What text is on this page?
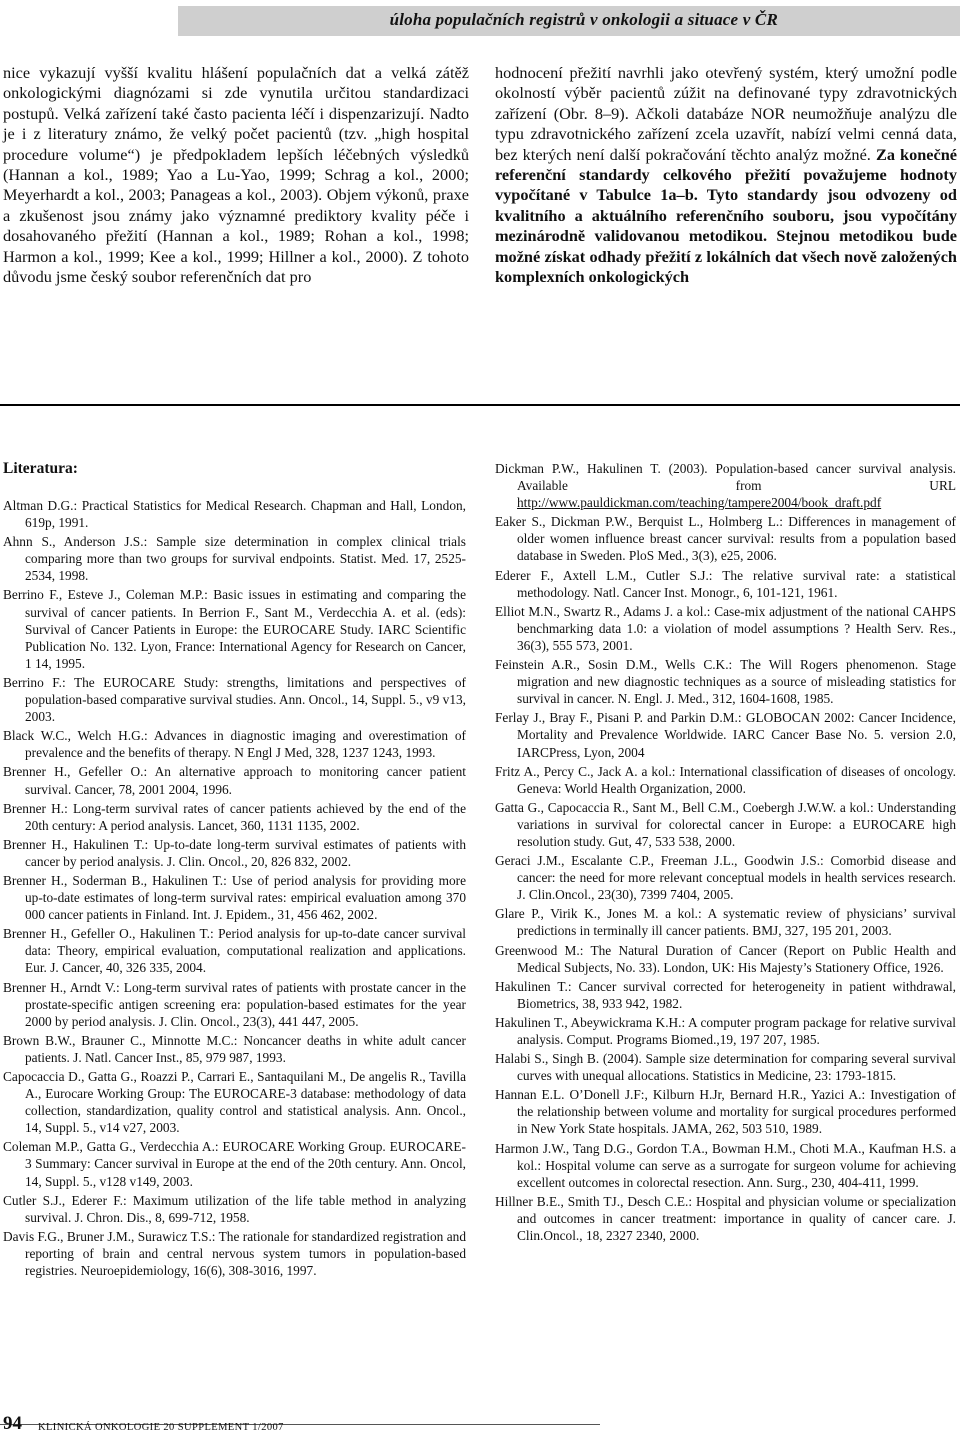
úloha populačních registrů v onkologii a situace v ČR

nice vykazují vyšší kvalitu hlášení populačních dat a velká zátěž onkologickými diagnózami si zde vynutila určitou standardizaci postupů. Velká zařízení také často pacienta léčí i dispenzarizují. Nadto je i z literatury známo, že velký počet pacientů (tzv. „high hospital procedure volume“) je předpokladem lepších léčebných výsledků (Hannan a kol., 1989; Yao a Lu-Yao, 1999; Schrag a kol., 2000; Meyerhardt a kol., 2003; Panageas a kol., 2003). Objem výkonů, praxe a zkušenost jsou známy jako významné prediktory kvality péče i dosahovaného přežití (Hannan a kol., 1989; Rohan a kol., 1998; Harmon a kol., 1999; Kee a kol., 1999; Hillner a kol., 2000). Z tohoto důvodu jsme český soubor referenčních dat pro

hodnocení přežití navrhli jako otevřený systém, který umožní podle okolností výběr pacientů zúžit na definované typy zdravotnických zařízení (Obr. 8–9). Ačkoli databáze NOR neumožňuje analýzu dle typu zdravotnického zařízení zcela uzavřít, nabízí velmi cenná data, bez kterých není další pokračování těchto analýz možné. Za konečné referenční standardy celkového přežití považujeme hodnoty vypočítané v Tabulce 1a–b. Tyto standardy jsou odvozeny od kvalitního a aktuálního referenčního souboru, jsou vypočítány mezinárodně validovanou metodikou. Stejnou metodikou bude možné získat odhady přežití z lokálních dat všech nově založených komplexních onkologických

Literatura:

Altman D.G.: Practical Statistics for Medical Research. Chapman and Hall, London, 619p, 1991.

Ahnn S., Anderson J.S.: Sample size determination in complex clinical trials comparing more than two groups for survival endpoints. Statist. Med. 17, 2525-2534, 1998.

Berrino F., Esteve J., Coleman M.P.: Basic issues in estimating and comparing the survival of cancer patients. In Berrion F., Sant M., Verdecchia A. et al. (eds): Survival of Cancer Patients in Europe: the EUROCARE Study. IARC Scientific Publication No. 132. Lyon, France: International Agency for Research on Cancer, 1 14, 1995.

Berrino F.: The EUROCARE Study: strengths, limitations and perspectives of population-based comparative survival studies. Ann. Oncol., 14, Suppl. 5., v9 v13, 2003.

Black W.C., Welch H.G.: Advances in diagnostic imaging and overestimation of prevalence and the benefits of therapy. N Engl J Med, 328, 1237 1243, 1993.

Brenner H., Gefeller O.: An alternative approach to monitoring cancer patient survival. Cancer, 78, 2001 2004, 1996.

Brenner H.: Long-term survival rates of cancer patients achieved by the end of the 20th century: A period analysis. Lancet, 360, 1131 1135, 2002.

Brenner H., Hakulinen T.: Up-to-date long-term survival estimates of patients with cancer by period analysis. J. Clin. Oncol., 20, 826 832, 2002.

Brenner H., Soderman B., Hakulinen T.: Use of period analysis for providing more up-to-date estimates of long-term survival rates: empirical evaluation among 370 000 cancer patients in Finland. Int. J. Epidem., 31, 456 462, 2002.

Brenner H., Gefeller O., Hakulinen T.: Period analysis for up-to-date cancer survival data: Theory, empirical evaluation, computational realization and applications. Eur. J. Cancer, 40, 326 335, 2004.

Brenner H., Arndt V.: Long-term survival rates of patients with prostate cancer in the prostate-specific antigen screening era: population-based estimates for the year 2000 by period analysis. J. Clin. Oncol., 23(3), 441 447, 2005.

Brown B.W., Brauner C., Minnotte M.C.: Noncancer deaths in white adult cancer patients. J. Natl. Cancer Inst., 85, 979 987, 1993.

Capocaccia D., Gatta G., Roazzi P., Carrari E., Santaquilani M., De angelis R., Tavilla A., Eurocare Working Group: The EUROCARE-3 database: methodology of data collection, standardization, quality control and statistical analysis. Ann. Oncol., 14, Suppl. 5., v14 v27, 2003.

Coleman M.P., Gatta G., Verdecchia A.: EUROCARE Working Group. EUROCARE-3 Summary: Cancer survival in Europe at the end of the 20th century. Ann. Oncol, 14, Suppl. 5., v128 v149, 2003.

Cutler S.J., Ederer F.: Maximum utilization of the life table method in analyzing survival. J. Chron. Dis., 8, 699-712, 1958.

Davis F.G., Bruner J.M., Surawicz T.S.: The rationale for standardized registration and reporting of brain and central nervous system tumors in population-based registries. Neuroepidemiology, 16(6), 308-3016, 1997.

Dickman P.W., Hakulinen T. (2003). Population-based cancer survival analysis. Available from URL http://www.pauldickman.com/teaching/tampere2004/book_draft.pdf

Eaker S., Dickman P.W., Berquist L., Holmberg L.: Differences in management of older women influence breast cancer survival: results from a population based database in Sweden. PloS Med., 3(3), e25, 2006.

Ederer F., Axtell L.M., Cutler S.J.: The relative survival rate: a statistical methodology. Natl. Cancer Inst. Monogr., 6, 101-121, 1961.

Elliot M.N., Swartz R., Adams J. a kol.: Case-mix adjustment of the national CAHPS benchmarking data 1.0: a violation of model assumptions ? Health Serv. Res., 36(3), 555 573, 2001.

Feinstein A.R., Sosin D.M., Wells C.K.: The Will Rogers phenomenon. Stage migration and new diagnostic techniques as a source of misleading statistics for survival in cancer. N. Engl. J. Med., 312, 1604-1608, 1985.

Ferlay J., Bray F., Pisani P. and Parkin D.M.: GLOBOCAN 2002: Cancer Incidence, Mortality and Prevalence Worldwide. IARC Cancer Base No. 5. version 2.0, IARCPress, Lyon, 2004

Fritz A., Percy C., Jack A. a kol.: International classification of diseases of oncology. Geneva: World Health Organization, 2000.

Gatta G., Capocaccia R., Sant M., Bell C.M., Coebergh J.W.W. a kol.: Understanding variations in survival for colorectal cancer in Europe: a EUROCARE high resolution study. Gut, 47, 533 538, 2000.

Geraci J.M., Escalante C.P., Freeman J.L., Goodwin J.S.: Comorbid disease and cancer: the need for more relevant conceptual models in health services research. J. Clin.Oncol., 23(30), 7399 7404, 2005.

Glare P., Virik K., Jones M. a kol.: A systematic review of physicians’ survival predictions in terminally ill cancer patients. BMJ, 327, 195 201, 2003.

Greenwood M.: The Natural Duration of Cancer (Report on Public Health and Medical Subjects, No. 33). London, UK: His Majesty’s Stationery Office, 1926.

Hakulinen T.: Cancer survival corrected for heterogeneity in patient withdrawal, Biometrics, 38, 933 942, 1982.

Hakulinen T., Abeywickrama K.H.: A computer program package for relative survival analysis. Comput. Programs Biomed.,19, 197 207, 1985.

Halabi S., Singh B. (2004). Sample size determination for comparing several survival curves with unequal allocations. Statistics in Medicine, 23: 1793-1815.

Hannan E.L. O’Donell J.F:, Kilburn H.Jr, Bernard H.R., Yazici A.: Investigation of the relationship between volume and mortality for surgical procedures performed in New York State hospitals. JAMA, 262, 503 510, 1989.

Harmon J.W., Tang D.G., Gordon T.A., Bowman H.M., Choti M.A., Kaufman H.S. a kol.: Hospital volume can serve as a surrogate for surgeon volume for achieving excellent outcomes in colorectal resection. Ann. Surg., 230, 404-411, 1999.

Hillner B.E., Smith TJ., Desch C.E.: Hospital and physician volume or specialization and outcomes in cancer treatment: importance in quality of cancer care. J. Clin.Oncol., 18, 2327 2340, 2000.

94 KLINICKÁ ONKOLOGIE 20 SUPPLEMENT 1/2007
